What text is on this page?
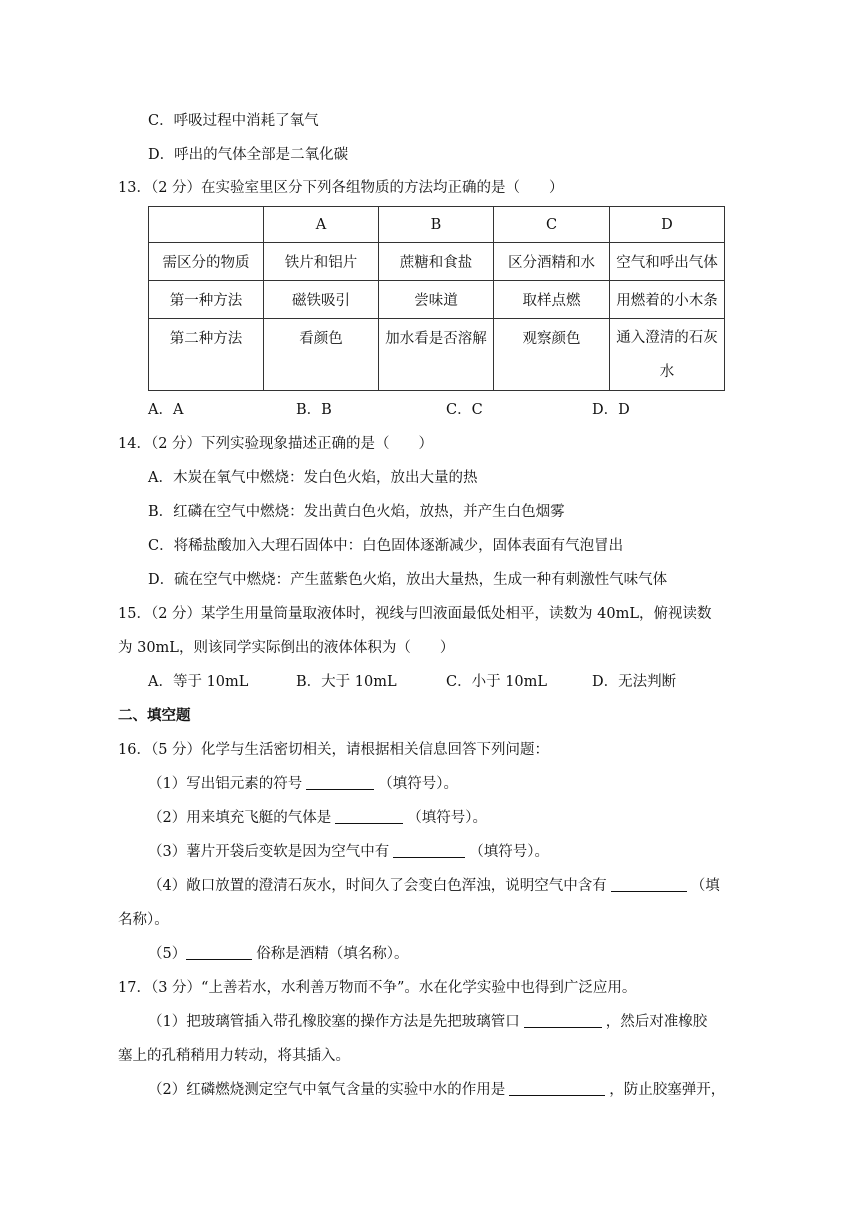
C．呼吸过程中消耗了氧气
D．呼出的气体全部是二氧化碳
13．（2 分）在实验室里区分下列各组物质的方法均正确的是（　　）

	A	B	C	D

需区分的物质	铁片和铝片	蔗糖和食盐	区分酒精和水	空气和呼出气体

第一种方法	磁铁吸引	尝味道	取样点燃	用燃着的小木条

第二种方法	看颜色	加水看是否溶解	观察颜色	通入澄清的石灰水
A．A	B．B	C．C	D．D
14．（2 分）下列实验现象描述正确的是（　　）
A．木炭在氧气中燃烧：发白色火焰，放出大量的热
B．红磷在空气中燃烧：发出黄白色火焰，放热，并产生白色烟雾
C．将稀盐酸加入大理石固体中：白色固体逐渐减少，固体表面有气泡冒出
D．硫在空气中燃烧：产生蓝紫色火焰，放出大量热，生成一种有刺激性气味气体
15．（2 分）某学生用量筒量取液体时，视线与凹液面最低处相平，读数为 40mL，俯视读数
为 30mL，则该同学实际倒出的液体体积为（　　）
A．等于 10mL	B．大于 10mL	C．小于 10mL	D．无法判断
二、填空题
16．（5 分）化学与生活密切相关，请根据相关信息回答下列问题：
（1）写出铝元素的符号	（填符号）。
（2）用来填充飞艇的气体是	（填符号）。
（3）薯片开袋后变软是因为空气中有	（填符号）。
（4）敞口放置的澄清石灰水，时间久了会变白色浑浊，说明空气中含有	（填
名称）。
（5）	俗称是酒精（填名称）。
17．（3 分）“上善若水，水利善万物而不争”。水在化学实验中也得到广泛应用。
（1）把玻璃管插入带孔橡胶塞的操作方法是先把玻璃管口	，然后对准橡胶
塞上的孔稍稍用力转动，将其插入。
（2）红磷燃烧测定空气中氧气含量的实验中水的作用是	，防止胶塞弹开，
